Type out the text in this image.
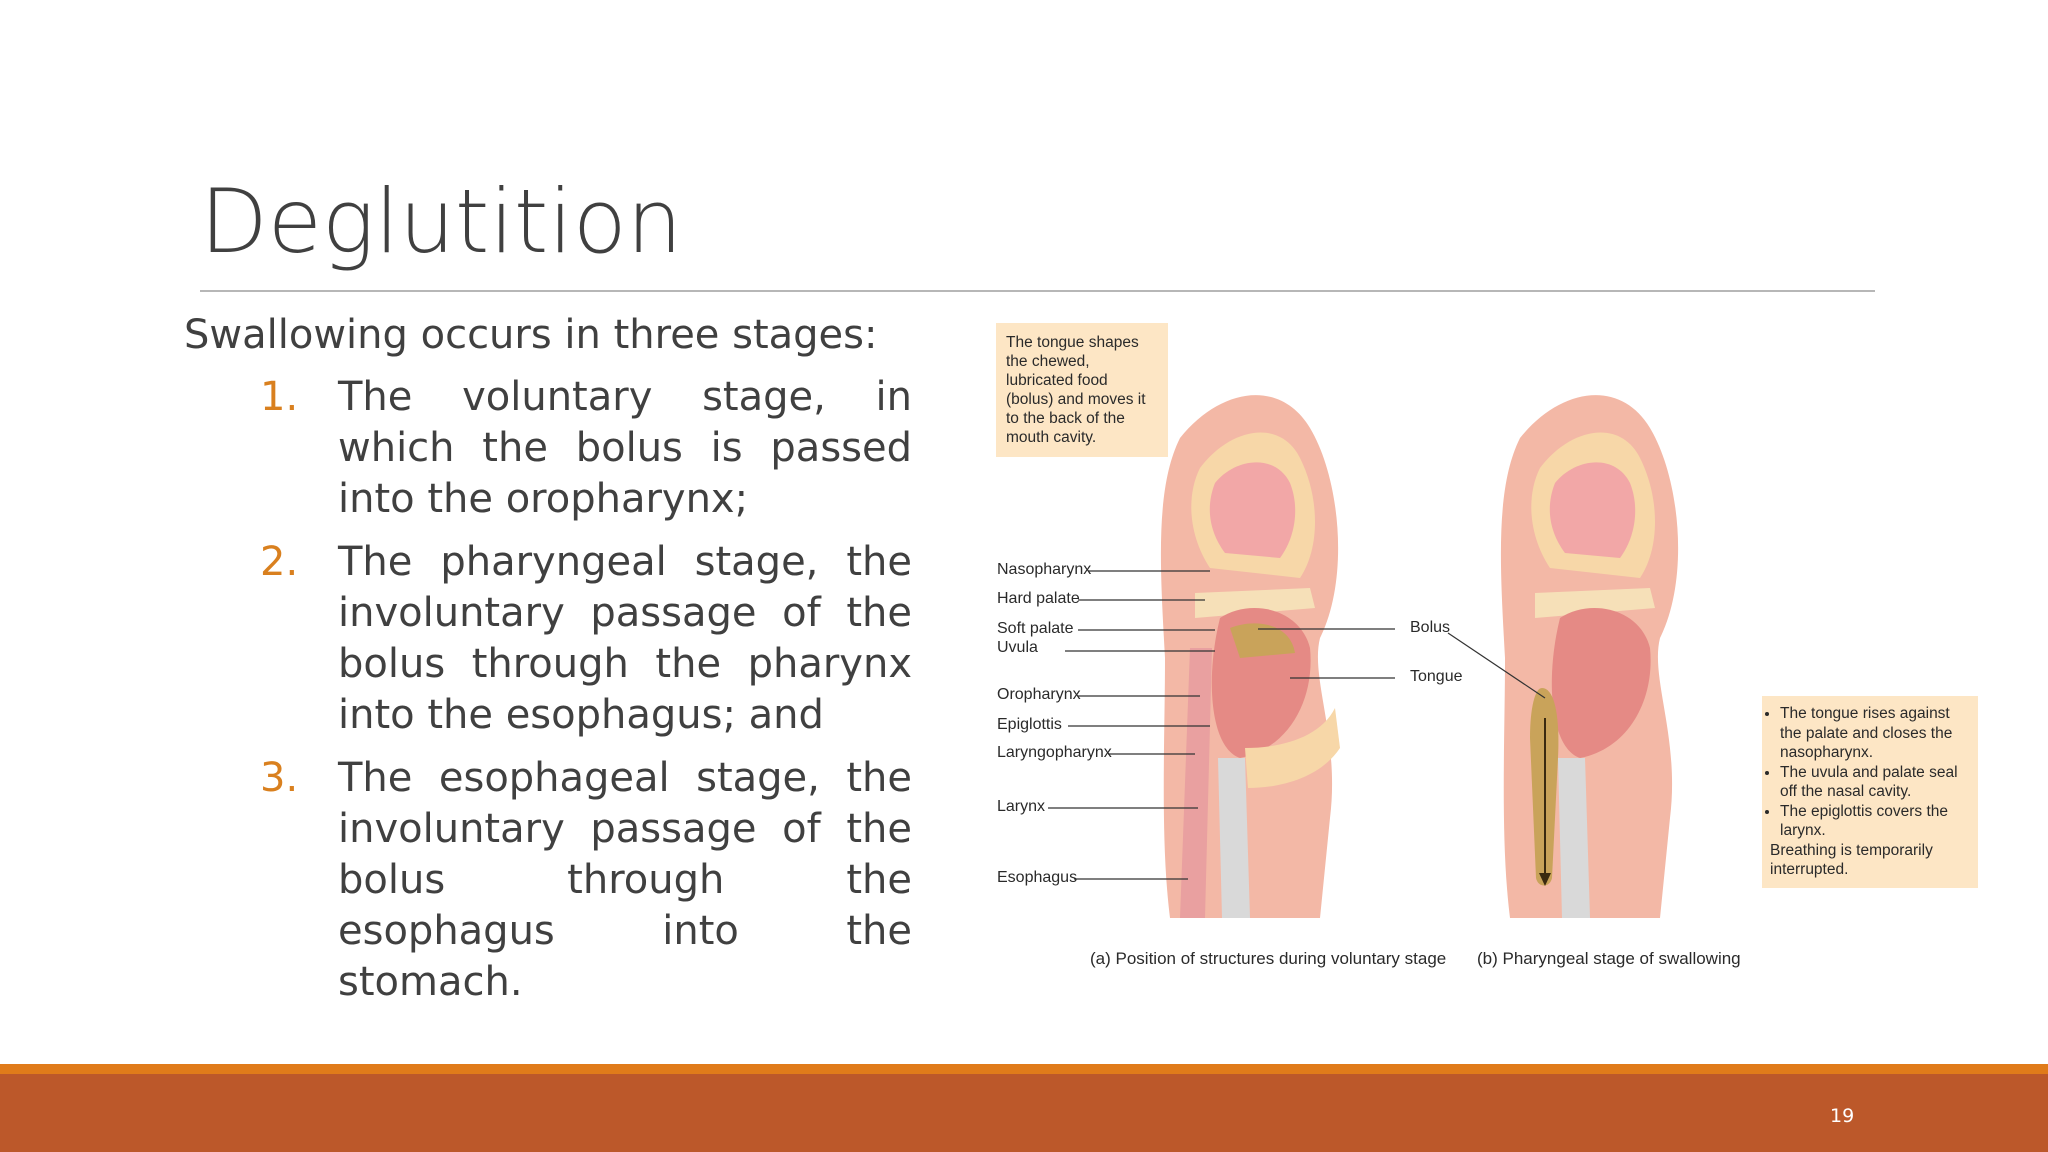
Deglutition
Swallowing occurs in three stages:
1. The voluntary stage, in which the bolus is passed into the oropharynx;
2. The pharyngeal stage, the involuntary passage of the bolus through the pharynx into the esophagus; and
3. The esophageal stage, the involuntary passage of the bolus through the esophagus into the stomach.
The tongue shapes the chewed, lubricated food (bolus) and moves it to the back of the mouth cavity.
• The tongue rises against the palate and closes the nasopharynx.
• The uvula and palate seal off the nasal cavity.
• The epiglottis covers the larynx.
Breathing is temporarily interrupted.
Nasopharynx
Hard palate
Soft palate
Uvula
Oropharynx
Epiglottis
Laryngopharynx
Larynx
Esophagus
Bolus
Tongue
(a) Position of structures during voluntary stage (b) Pharyngeal stage of swallowing
19
